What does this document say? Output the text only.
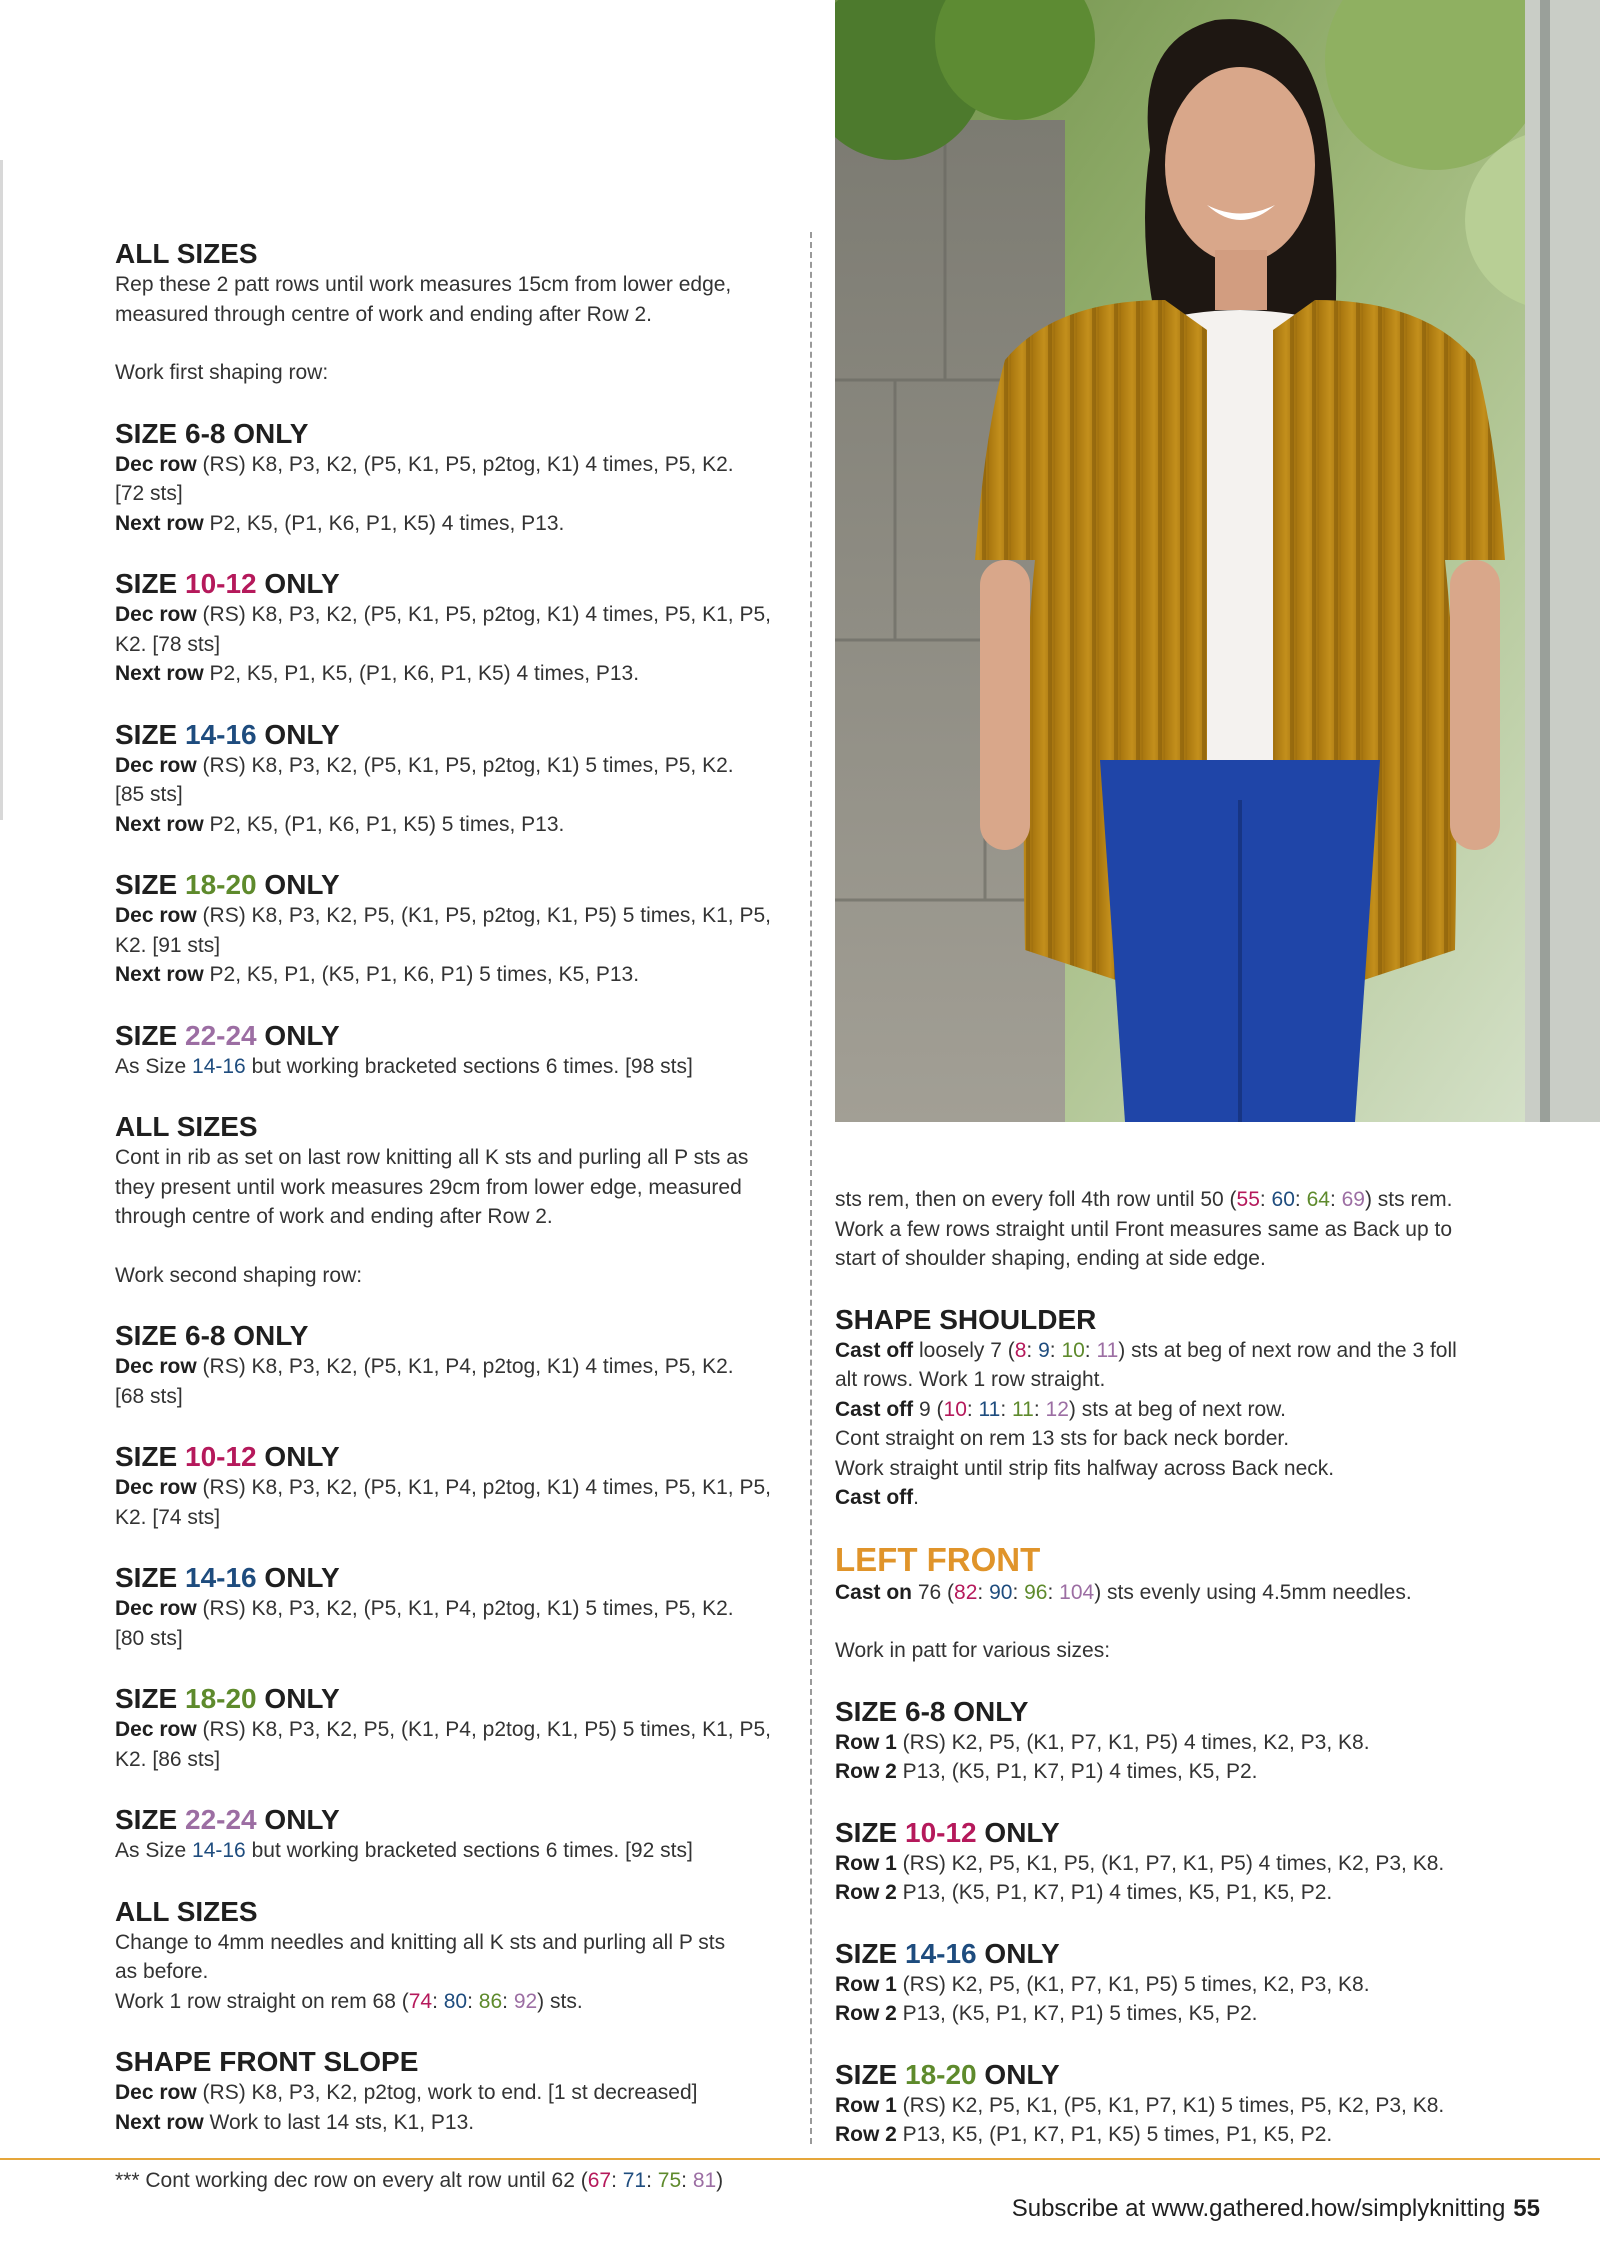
ALL SIZES

Rep these 2 patt rows until work measures 15cm from lower edge,

measured through centre of work and ending after Row 2.

Work first shaping row:

SIZE 6-8 ONLY

Dec row (RS) K8, P3, K2, (P5, K1, P5, p2tog, K1) 4 times, P5, K2.

[72 sts]

Next row P2, K5, (P1, K6, P1, K5) 4 times, P13.

SIZE 10-12 ONLY

Dec row (RS) K8, P3, K2, (P5, K1, P5, p2tog, K1) 4 times, P5, K1, P5,

K2. [78 sts]

Next row P2, K5, P1, K5, (P1, K6, P1, K5) 4 times, P13.

SIZE 14-16 ONLY

Dec row (RS) K8, P3, K2, (P5, K1, P5, p2tog, K1) 5 times, P5, K2.

[85 sts]

Next row P2, K5, (P1, K6, P1, K5) 5 times, P13.

SIZE 18-20 ONLY

Dec row (RS) K8, P3, K2, P5, (K1, P5, p2tog, K1, P5) 5 times, K1, P5,

K2. [91 sts]

Next row P2, K5, P1, (K5, P1, K6, P1) 5 times, K5, P13.

SIZE 22-24 ONLY

As Size 14-16 but working bracketed sections 6 times. [98 sts]

ALL SIZES

Cont in rib as set on last row knitting all K sts and purling all P sts as

they present until work measures 29cm from lower edge, measured

through centre of work and ending after Row 2.

Work second shaping row:

SIZE 6-8 ONLY

Dec row (RS) K8, P3, K2, (P5, K1, P4, p2tog, K1) 4 times, P5, K2.

[68 sts]

SIZE 10-12 ONLY

Dec row (RS) K8, P3, K2, (P5, K1, P4, p2tog, K1) 4 times, P5, K1, P5,

K2. [74 sts]

SIZE 14-16 ONLY

Dec row (RS) K8, P3, K2, (P5, K1, P4, p2tog, K1) 5 times, P5, K2.

[80 sts]

SIZE 18-20 ONLY

Dec row (RS) K8, P3, K2, P5, (K1, P4, p2tog, K1, P5) 5 times, K1, P5,

K2. [86 sts]

SIZE 22-24 ONLY

As Size 14-16 but working bracketed sections 6 times. [92 sts]

ALL SIZES

Change to 4mm needles and knitting all K sts and purling all P sts

as before.

Work 1 row straight on rem 68 (74: 80: 86: 92) sts.

SHAPE FRONT SLOPE

Dec row (RS) K8, P3, K2, p2tog, work to end. [1 st decreased]

Next row Work to last 14 sts, K1, P13.

*** Cont working dec row on every alt row until 62 (67: 71: 75: 81)

sts rem, then on every foll 4th row until 50 (55: 60: 64: 69) sts rem.

Work a few rows straight until Front measures same as Back up to

start of shoulder shaping, ending at side edge.

SHAPE SHOULDER

Cast off loosely 7 (8: 9: 10: 11) sts at beg of next row and the 3 foll

alt rows. Work 1 row straight.

Cast off 9 (10: 11: 11: 12) sts at beg of next row.

Cont straight on rem 13 sts for back neck border.

Work straight until strip fits halfway across Back neck.

Cast off.

LEFT FRONT

Cast on 76 (82: 90: 96: 104) sts evenly using 4.5mm needles.

Work in patt for various sizes:

SIZE 6-8 ONLY

Row 1 (RS) K2, P5, (K1, P7, K1, P5) 4 times, K2, P3, K8.

Row 2 P13, (K5, P1, K7, P1) 4 times, K5, P2.

SIZE 10-12 ONLY

Row 1 (RS) K2, P5, K1, P5, (K1, P7, K1, P5) 4 times, K2, P3, K8.

Row 2 P13, (K5, P1, K7, P1) 4 times, K5, P1, K5, P2.

SIZE 14-16 ONLY

Row 1 (RS) K2, P5, (K1, P7, K1, P5) 5 times, K2, P3, K8.

Row 2 P13, (K5, P1, K7, P1) 5 times, K5, P2.

SIZE 18-20 ONLY

Row 1 (RS) K2, P5, K1, (P5, K1, P7, K1) 5 times, P5, K2, P3, K8.

Row 2 P13, K5, (P1, K7, P1, K5) 5 times, P1, K5, P2.

Subscribe at www.gathered.how/simplyknitting 55
